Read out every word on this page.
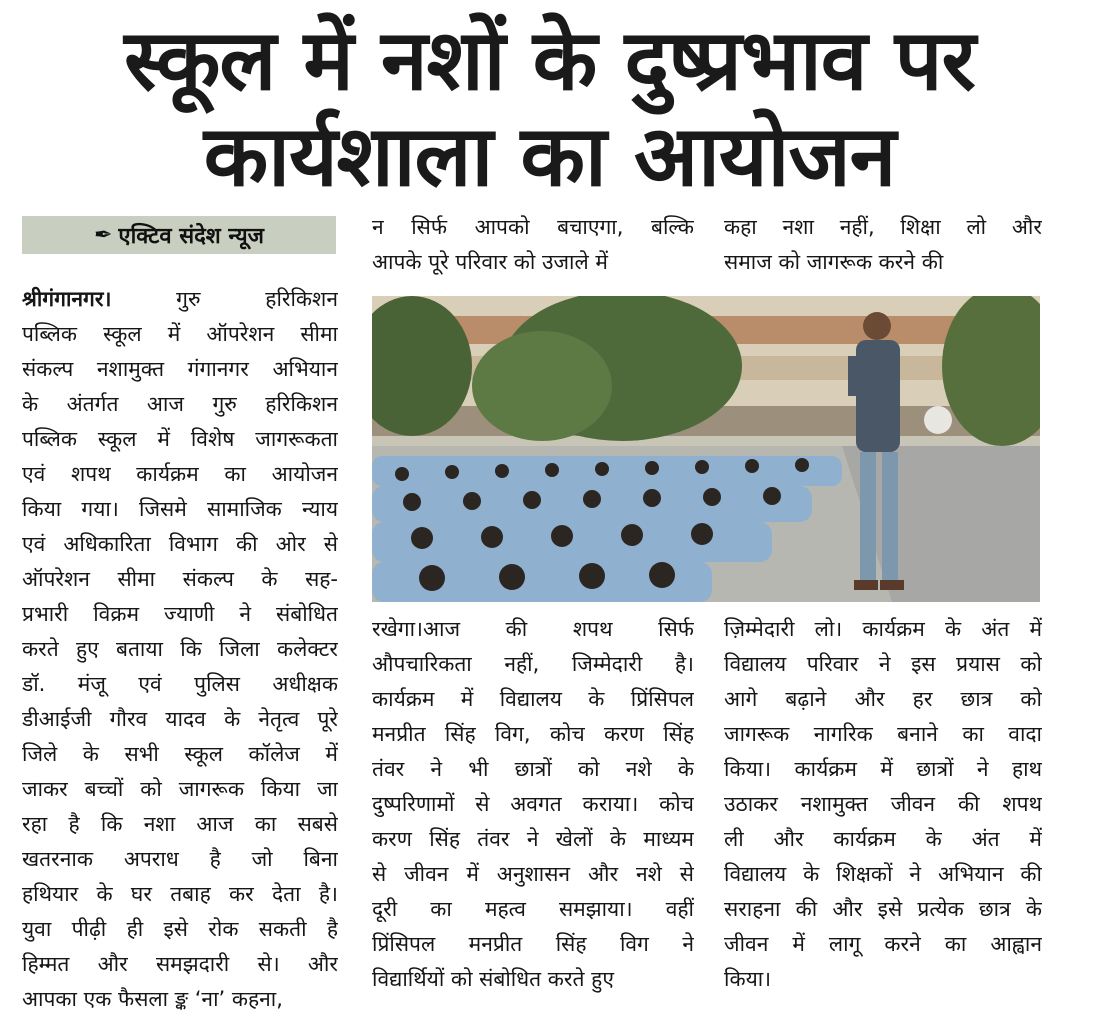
स्कूल में नशों के दुष्प्रभाव पर
कार्यशाला का आयोजन
✒ एक्टिव संदेश न्यूज
श्रीगंगानगर। गुरु हरिकिशन
पब्लिक स्कूल में ऑपरेशन सीमा
संकल्प नशामुक्त गंगानगर अभियान
के अंतर्गत आज गुरु हरिकिशन
पब्लिक स्कूल में विशेष जागरूकता
एवं शपथ कार्यक्रम का आयोजन
किया गया। जिसमे सामाजिक न्याय
एवं अधिकारिता विभाग की ओर से
ऑपरेशन सीमा संकल्प के सह-
प्रभारी विक्रम ज्याणी ने संबोधित
करते हुए बताया कि जिला कलेक्टर
डॉ. मंजू एवं पुलिस अधीक्षक
डीआईजी गौरव यादव के नेतृत्व पूरे
जिले के सभी स्कूल कॉलेज में
जाकर बच्चों को जागरूक किया जा
रहा है कि नशा आज का सबसे
खतरनाक अपराध है जो बिना
हथियार के घर तबाह कर देता है।
युवा पीढ़ी ही इसे रोक सकती है
हिम्मत और समझदारी से। और
आपका एक फैसला ङ्क ‘ना’ कहना,
न सिर्फ आपको बचाएगा, बल्कि
आपके पूरे परिवार को उजाले में
कहा नशा नहीं, शिक्षा लो और
समाज को जागरूक करने की
रखेगा।आज की शपथ सिर्फ
औपचारिकता नहीं, जिम्मेदारी है।
कार्यक्रम में विद्यालय के प्रिंसिपल
मनप्रीत सिंह विग, कोच करण सिंह
तंवर ने भी छात्रों को नशे के
दुष्परिणामों से अवगत कराया। कोच
करण सिंह तंवर ने खेलों के माध्यम
से जीवन में अनुशासन और नशे से
दूरी का महत्व समझाया। वहीं
प्रिंसिपल मनप्रीत सिंह विग ने
विद्यार्थियों को संबोधित करते हुए
ज़िम्मेदारी लो। कार्यक्रम के अंत में
विद्यालय परिवार ने इस प्रयास को
आगे बढ़ाने और हर छात्र को
जागरूक नागरिक बनाने का वादा
किया। कार्यक्रम में छात्रों ने हाथ
उठाकर नशामुक्त जीवन की शपथ
ली और कार्यक्रम के अंत में
विद्यालय के शिक्षकों ने अभियान की
सराहना की और इसे प्रत्येक छात्र के
जीवन में लागू करने का आह्वान
किया।
